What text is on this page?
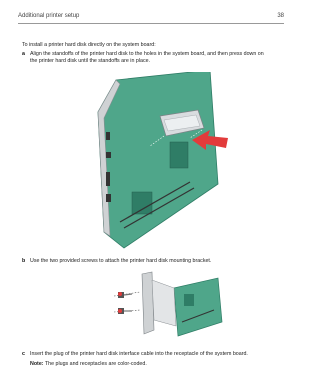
Additional printer setup	38
To install a printer hard disk directly on the system board:
a Align the standoffs of the printer hard disk to the holes in the system board, and then press down on
the printer hard disk until the standoffs are in place.
b Use the two provided screws to attach the printer hard disk mounting bracket.
c Insert the plug of the printer hard disk interface cable into the receptacle of the system board.
Note: The plugs and receptacles are color-coded.
